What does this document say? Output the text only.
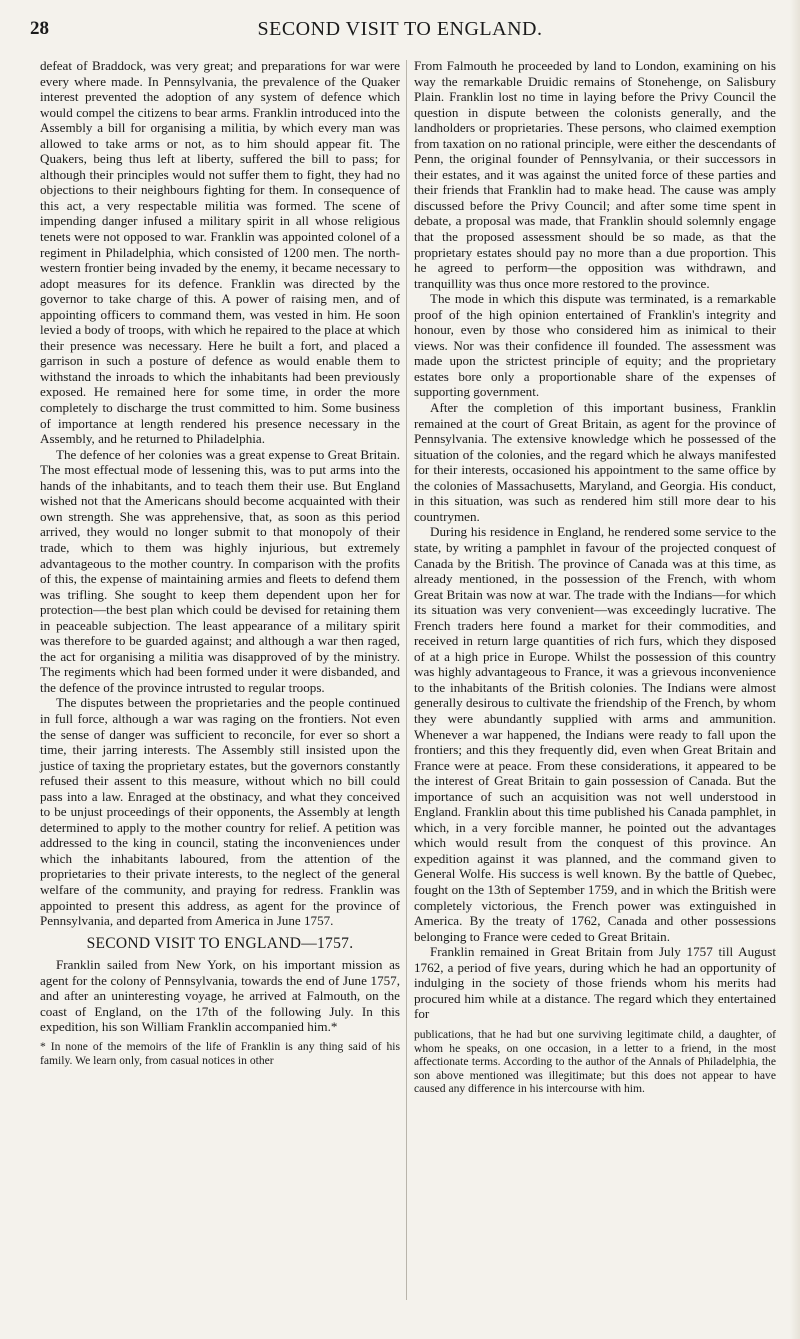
28	SECOND VISIT TO ENGLAND.

defeat of Braddock, was very great; and preparations for war were every where made. In Pennsylvania, the prevalence of the Quaker interest prevented the adoption of any system of defence which would compel the citizens to bear arms. Franklin introduced into the Assembly a bill for organising a militia, by which every man was allowed to take arms or not, as to him should appear fit. The Quakers, being thus left at liberty, suffered the bill to pass; for although their principles would not suffer them to fight, they had no objections to their neighbours fighting for them. In consequence of this act, a very respectable militia was formed. The scene of impending danger infused a military spirit in all whose religious tenets were not opposed to war. Franklin was appointed colonel of a regiment in Philadelphia, which consisted of 1200 men. The north-western frontier being invaded by the enemy, it became necessary to adopt measures for its defence. Franklin was directed by the governor to take charge of this. A power of raising men, and of appointing officers to command them, was vested in him. He soon levied a body of troops, with which he repaired to the place at which their presence was necessary. Here he built a fort, and placed a garrison in such a posture of defence as would enable them to withstand the inroads to which the inhabitants had been previously exposed. He remained here for some time, in order the more completely to discharge the trust committed to him. Some business of importance at length rendered his presence necessary in the Assembly, and he returned to Philadelphia.

The defence of her colonies was a great expense to Great Britain. The most effectual mode of lessening this, was to put arms into the hands of the inhabitants, and to teach them their use. But England wished not that the Americans should become acquainted with their own strength. She was apprehensive, that, as soon as this period arrived, they would no longer submit to that monopoly of their trade, which to them was highly injurious, but extremely advantageous to the mother country. In comparison with the profits of this, the expense of maintaining armies and fleets to defend them was trifling. She sought to keep them dependent upon her for protection—the best plan which could be devised for retaining them in peaceable subjection. The least appearance of a military spirit was therefore to be guarded against; and although a war then raged, the act for organising a militia was disapproved of by the ministry. The regiments which had been formed under it were disbanded, and the defence of the province intrusted to regular troops.

The disputes between the proprietaries and the people continued in full force, although a war was raging on the frontiers. Not even the sense of danger was sufficient to reconcile, for ever so short a time, their jarring interests. The Assembly still insisted upon the justice of taxing the proprietary estates, but the governors constantly refused their assent to this measure, without which no bill could pass into a law. Enraged at the obstinacy, and what they conceived to be unjust proceedings of their opponents, the Assembly at length determined to apply to the mother country for relief. A petition was addressed to the king in council, stating the inconveniences under which the inhabitants laboured, from the attention of the proprietaries to their private interests, to the neglect of the general welfare of the community, and praying for redress. Franklin was appointed to present this address, as agent for the province of Pennsylvania, and departed from America in June 1757.

SECOND VISIT TO ENGLAND—1757.

Franklin sailed from New York, on his important mission as agent for the colony of Pennsylvania, towards the end of June 1757, and after an uninteresting voyage, he arrived at Falmouth, on the coast of England, on the 17th of the following July. In this expedition, his son William Franklin accompanied him.*

* In none of the memoirs of the life of Franklin is any thing said of his family. We learn only, from casual notices in other

From Falmouth he proceeded by land to London, examining on his way the remarkable Druidic remains of Stonehenge, on Salisbury Plain. Franklin lost no time in laying before the Privy Council the question in dispute between the colonists generally, and the landholders or proprietaries. These persons, who claimed exemption from taxation on no rational principle, were either the descendants of Penn, the original founder of Pennsylvania, or their successors in their estates, and it was against the united force of these parties and their friends that Franklin had to make head. The cause was amply discussed before the Privy Council; and after some time spent in debate, a proposal was made, that Franklin should solemnly engage that the proposed assessment should be so made, as that the proprietary estates should pay no more than a due proportion. This he agreed to perform—the opposition was withdrawn, and tranquillity was thus once more restored to the province.

The mode in which this dispute was terminated, is a remarkable proof of the high opinion entertained of Franklin's integrity and honour, even by those who considered him as inimical to their views. Nor was their confidence ill founded. The assessment was made upon the strictest principle of equity; and the proprietary estates bore only a proportionable share of the expenses of supporting government.

After the completion of this important business, Franklin remained at the court of Great Britain, as agent for the province of Pennsylvania. The extensive knowledge which he possessed of the situation of the colonies, and the regard which he always manifested for their interests, occasioned his appointment to the same office by the colonies of Massachusetts, Maryland, and Georgia. His conduct, in this situation, was such as rendered him still more dear to his countrymen.

During his residence in England, he rendered some service to the state, by writing a pamphlet in favour of the projected conquest of Canada by the British. The province of Canada was at this time, as already mentioned, in the possession of the French, with whom Great Britain was now at war. The trade with the Indians—for which its situation was very convenient—was exceedingly lucrative. The French traders here found a market for their commodities, and received in return large quantities of rich furs, which they disposed of at a high price in Europe. Whilst the possession of this country was highly advantageous to France, it was a grievous inconvenience to the inhabitants of the British colonies. The Indians were almost generally desirous to cultivate the friendship of the French, by whom they were abundantly supplied with arms and ammunition. Whenever a war happened, the Indians were ready to fall upon the frontiers; and this they frequently did, even when Great Britain and France were at peace. From these considerations, it appeared to be the interest of Great Britain to gain possession of Canada. But the importance of such an acquisition was not well understood in England. Franklin about this time published his Canada pamphlet, in which, in a very forcible manner, he pointed out the advantages which would result from the conquest of this province. An expedition against it was planned, and the command given to General Wolfe. His success is well known. By the battle of Quebec, fought on the 13th of September 1759, and in which the British were completely victorious, the French power was extinguished in America. By the treaty of 1762, Canada and other possessions belonging to France were ceded to Great Britain.

Franklin remained in Great Britain from July 1757 till August 1762, a period of five years, during which he had an opportunity of indulging in the society of those friends whom his merits had procured him while at a distance. The regard which they entertained for

publications, that he had but one surviving legitimate child, a daughter, of whom he speaks, on one occasion, in a letter to a friend, in the most affectionate terms. According to the author of the Annals of Philadelphia, the son above mentioned was illegitimate; but this does not appear to have caused any difference in his intercourse with him.
